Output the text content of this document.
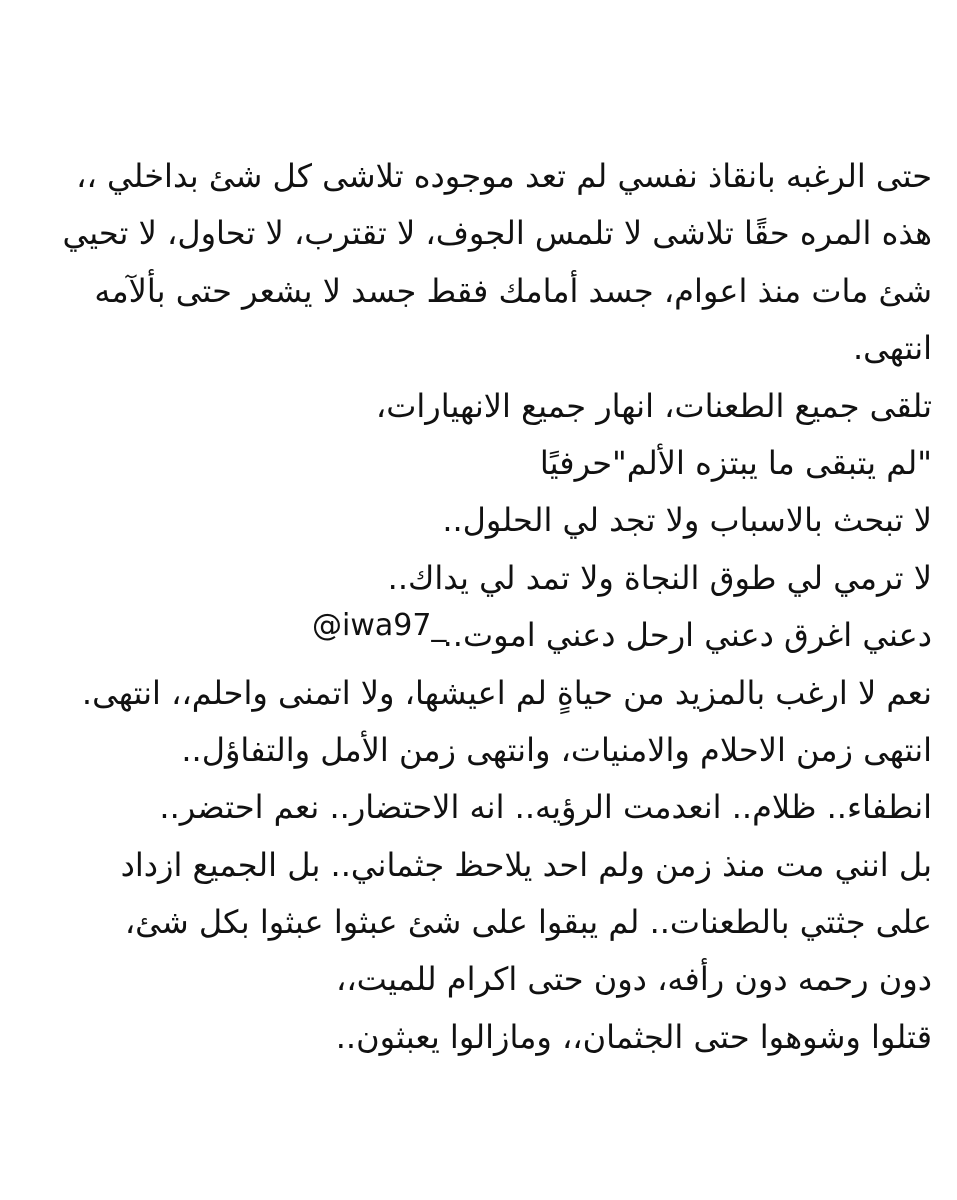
حتى الرغبه بانقاذ نفسي لم تعد موجوده تلاشى كل شئ بداخلي ،،
هذه المره حقًا تلاشى لا تلمس الجوف، لا تقترب، لا تحاول، لا تحيي
شئ مات منذ اعوام، جسد أمامك فقط جسد لا يشعر حتى بألآمه
انتهى.
تلقى جميع الطعنات، انهار جميع الانهيارات،
"لم يتبقى ما يبتزه الألم"حرفيًا
لا تبحث بالاسباب ولا تجد لي الحلول..
لا ترمي لي طوق النجاة ولا تمد لي يداك..
دعني اغرق دعني ارحل دعني اموت..
نعم لا ارغب بالمزيد من حياةٍ لم اعيشها، ولا اتمنى واحلم،، انتهى.
انتهى زمن الاحلام والامنيات، وانتهى زمن الأمل والتفاؤل..
انطفاء.. ظلام.. انعدمت الرؤيه.. انه الاحتضار.. نعم احتضر..
بل انني مت منذ زمن ولم احد يلاحظ جثماني.. بل الجميع ازداد
على جثتي بالطعنات.. لم يبقوا على شئ عبثوا عبثوا بكل شئ،
دون رحمه دون رأفه، دون حتى اكرام للميت،،
قتلوا وشوهوا حتى الجثمان،، ومازالوا يعبثون..
@iwa97_
